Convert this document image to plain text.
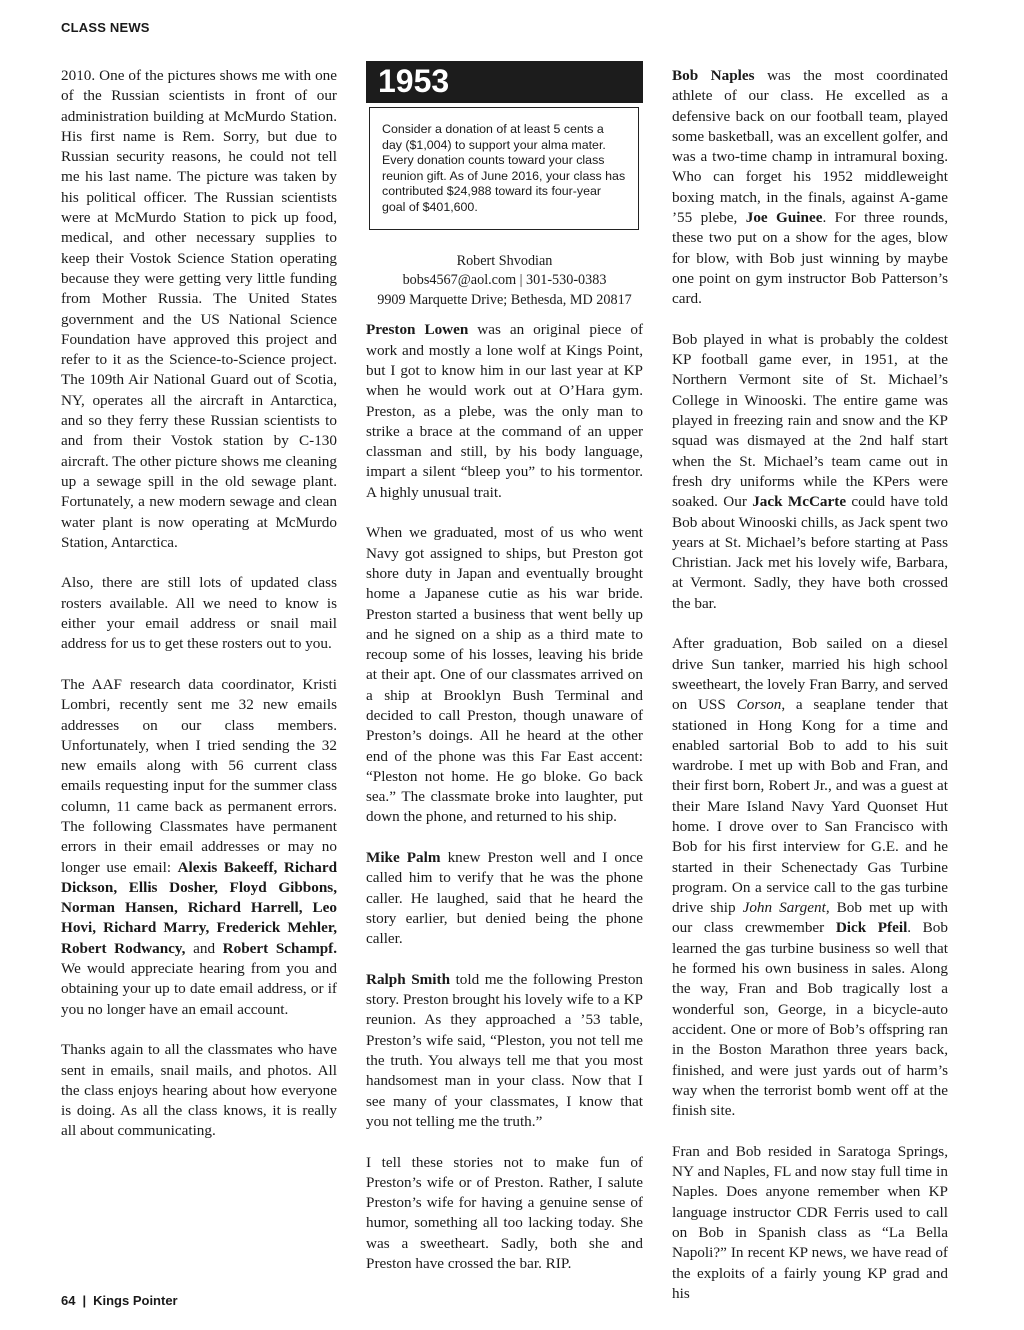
CLASS NEWS

2010. One of the pictures shows me with one of the Russian scientists in front of our administration building at McMurdo Station. His first name is Rem. Sorry, but due to Russian security reasons, he could not tell me his last name. The picture was taken by his political officer. The Russian scientists were at McMurdo Station to pick up food, medical, and other necessary supplies to keep their Vostok Science Station operating because they were getting very little funding from Mother Russia. The United States government and the US National Science Foundation have approved this project and refer to it as the Science-to-Science project. The 109th Air National Guard out of Scotia, NY, operates all the aircraft in Antarctica, and so they ferry these Russian scientists to and from their Vostok station by C-130 aircraft. The other picture shows me cleaning up a sewage spill in the old sewage plant. Fortunately, a new modern sewage and clean water plant is now operating at McMurdo Station, Antarctica.

Also, there are still lots of updated class rosters available. All we need to know is either your email address or snail mail address for us to get these rosters out to you.

The AAF research data coordinator, Kristi Lombri, recently sent me 32 new emails addresses on our class members. Unfortunately, when I tried sending the 32 new emails along with 56 current class emails requesting input for the summer class column, 11 came back as permanent errors. The following Classmates have permanent errors in their email addresses or may no longer use email: Alexis Bakeeff, Richard Dickson, Ellis Dosher, Floyd Gibbons, Norman Hansen, Richard Harrell, Leo Hovi, Richard Marry, Frederick Mehler, Robert Rodwancy, and Robert Schampf. We would appreciate hearing from you and obtaining your up to date email address, or if you no longer have an email account.

Thanks again to all the classmates who have sent in emails, snail mails, and photos. All the class enjoys hearing about how everyone is doing. As all the class knows, it is really all about communicating.

1953
Consider a donation of at least 5 cents a day ($1,004) to support your alma mater. Every donation counts toward your class reunion gift. As of June 2016, your class has contributed $24,988 toward its four-year goal of $401,600.
Robert Shvodian
bobs4567@aol.com | 301-530-0383
9909 Marquette Drive; Bethesda, MD 20817

Preston Lowen was an original piece of work and mostly a lone wolf at Kings Point, but I got to know him in our last year at KP when he would work out at O’Hara gym. Preston, as a plebe, was the only man to strike a brace at the command of an upper classman and still, by his body language, impart a silent “bleep you” to his tormentor. A highly unusual trait.

When we graduated, most of us who went Navy got assigned to ships, but Preston got shore duty in Japan and eventually brought home a Japanese cutie as his war bride. Preston started a business that went belly up and he signed on a ship as a third mate to recoup some of his losses, leaving his bride at their apt. One of our classmates arrived on a ship at Brooklyn Bush Terminal and decided to call Preston, though unaware of Preston’s doings. All he heard at the other end of the phone was this Far East accent: “Pleston not home. He go bloke. Go back sea.” The classmate broke into laughter, put down the phone, and returned to his ship.

Mike Palm knew Preston well and I once called him to verify that he was the phone caller. He laughed, said that he heard the story earlier, but denied being the phone caller.

Ralph Smith told me the following Preston story. Preston brought his lovely wife to a KP reunion. As they approached a ’53 table, Preston’s wife said, “Pleston, you not tell me the truth. You always tell me that you most handsomest man in your class. Now that I see many of your classmates, I know that you not telling me the truth.”

I tell these stories not to make fun of Preston’s wife or of Preston. Rather, I salute Preston’s wife for having a genuine sense of humor, something all too lacking today. She was a sweetheart. Sadly, both she and Preston have crossed the bar. RIP.

Bob Naples was the most coordinated athlete of our class. He excelled as a defensive back on our football team, played some basketball, was an excellent golfer, and was a two-time champ in intramural boxing. Who can forget his 1952 middleweight boxing match, in the finals, against A-game ’55 plebe, Joe Guinee. For three rounds, these two put on a show for the ages, blow for blow, with Bob just winning by maybe one point on gym instructor Bob Patterson’s card.

Bob played in what is probably the coldest KP football game ever, in 1951, at the Northern Vermont site of St. Michael’s College in Winooski. The entire game was played in freezing rain and snow and the KP squad was dismayed at the 2nd half start when the St. Michael’s team came out in fresh dry uniforms while the KPers were soaked. Our Jack McCarte could have told Bob about Winooski chills, as Jack spent two years at St. Michael’s before starting at Pass Christian. Jack met his lovely wife, Barbara, at Vermont. Sadly, they have both crossed the bar.

After graduation, Bob sailed on a diesel drive Sun tanker, married his high school sweetheart, the lovely Fran Barry, and served on USS Corson, a seaplane tender that stationed in Hong Kong for a time and enabled sartorial Bob to add to his suit wardrobe. I met up with Bob and Fran, and their first born, Robert Jr., and was a guest at their Mare Island Navy Yard Quonset Hut home. I drove over to San Francisco with Bob for his first interview for G.E. and he started in their Schenectady Gas Turbine program. On a service call to the gas turbine drive ship John Sargent, Bob met up with our class crewmember Dick Pfeil. Bob learned the gas turbine business so well that he formed his own business in sales. Along the way, Fran and Bob tragically lost a wonderful son, George, in a bicycle-auto accident. One or more of Bob’s offspring ran in the Boston Marathon three years back, finished, and were just yards out of harm’s way when the terrorist bomb went off at the finish site.

Fran and Bob resided in Saratoga Springs, NY and Naples, FL and now stay full time in Naples. Does anyone remember when KP language instructor CDR Ferris used to call on Bob in Spanish class as “La Bella Napoli?” In recent KP news, we have read of the exploits of a fairly young KP grad and his

64 | Kings Pointer
